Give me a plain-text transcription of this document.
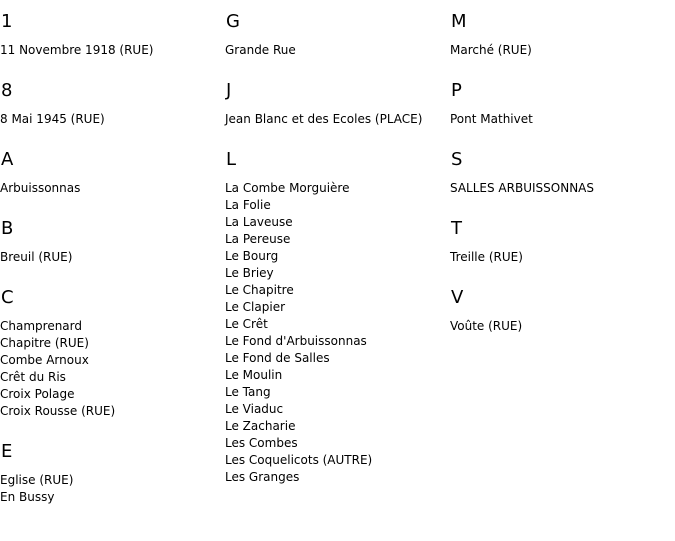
1
11 Novembre 1918 (RUE)
8
8 Mai 1945 (RUE)
A
Arbuissonnas
B
Breuil (RUE)
C
Champrenard
Chapitre (RUE)
Combe Arnoux
Crêt du Ris
Croix Polage
Croix Rousse (RUE)
E
Eglise (RUE)
En Bussy
G
Grande Rue
J
Jean Blanc et des Ecoles (PLACE)
L
La Combe Morguière
La Folie
La Laveuse
La Pereuse
Le Bourg
Le Briey
Le Chapitre
Le Clapier
Le Crêt
Le Fond d'Arbuissonnas
Le Fond de Salles
Le Moulin
Le Tang
Le Viaduc
Le Zacharie
Les Combes
Les Coquelicots (AUTRE)
Les Granges
M
Marché (RUE)
P
Pont Mathivet
S
SALLES ARBUISSONNAS
T
Treille (RUE)
V
Voûte (RUE)
